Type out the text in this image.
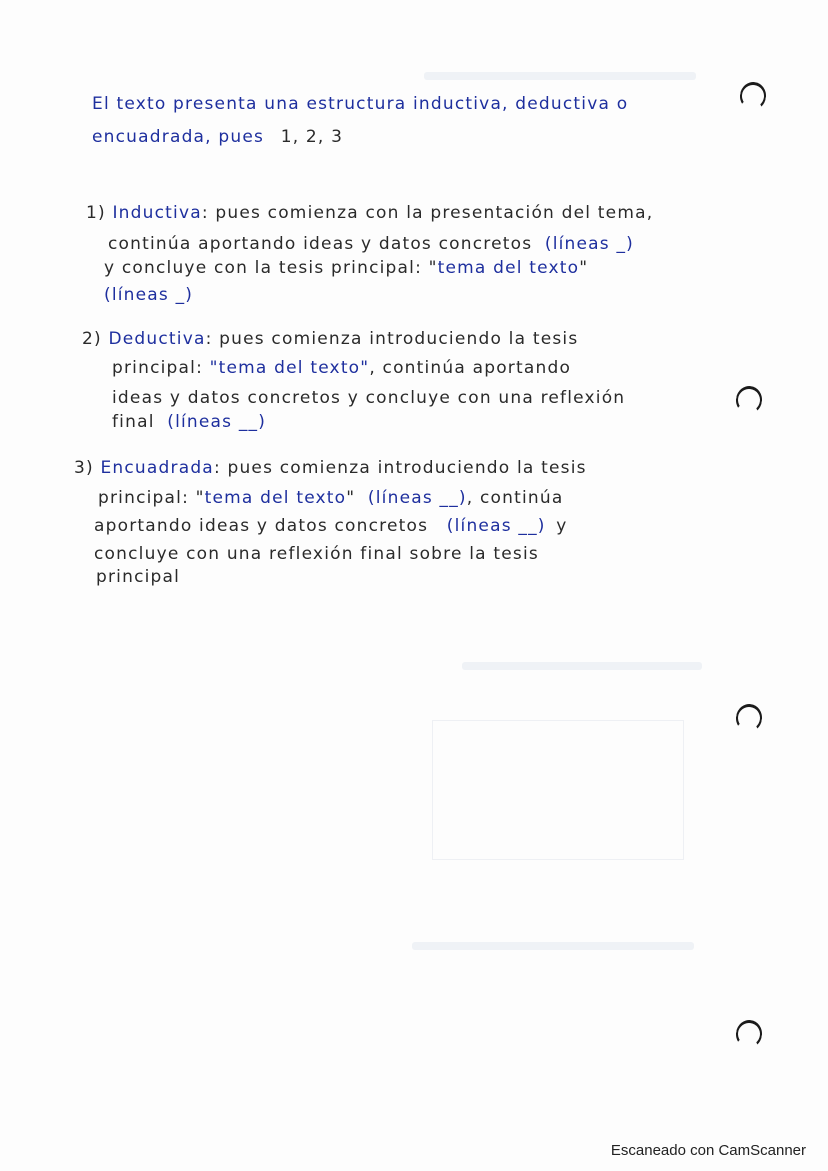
El texto presenta una estructura inductiva, deductiva o
encuadrada, pues 1, 2, 3
1) Inductiva: pues comienza con la presentación del tema,
continúa aportando ideas y datos concretos (líneas _)
y concluye con la tesis principal: "tema del texto"
(líneas _)
2) Deductiva: pues comienza introduciendo la tesis
principal: "tema del texto", continúa aportando
ideas y datos concretos y concluye con una reflexión
final (líneas __)
3) Encuadrada: pues comienza introduciendo la tesis
principal: "tema del texto" (líneas __), continúa
aportando ideas y datos concretos (líneas __) y
concluye con una reflexión final sobre la tesis
principal
Escaneado con CamScanner
